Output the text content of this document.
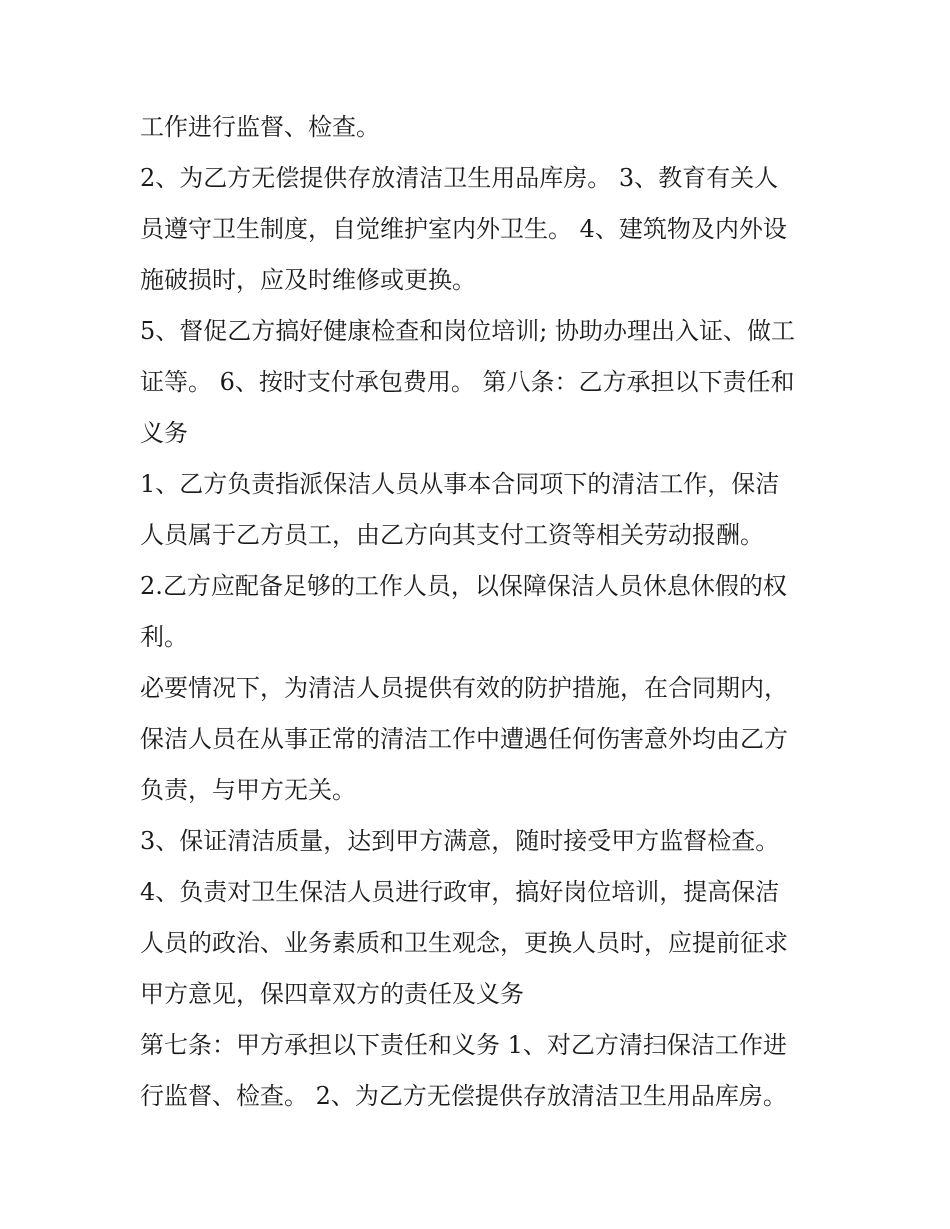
工作进行监督、检查。
2、为乙方无偿提供存放清洁卫生用品库房。 3、教育有关人
员遵守卫生制度，自觉维护室内外卫生。 4、建筑物及内外设
施破损时，应及时维修或更换。
5、督促乙方搞好健康检查和岗位培训; 协助办理出入证、做工
证等。 6、按时支付承包费用。 第八条：乙方承担以下责任和
义务
1、乙方负责指派保洁人员从事本合同项下的清洁工作，保洁
人员属于乙方员工，由乙方向其支付工资等相关劳动报酬。
2.乙方应配备足够的工作人员，以保障保洁人员休息休假的权
利。
必要情况下，为清洁人员提供有效的防护措施，在合同期内，
保洁人员在从事正常的清洁工作中遭遇任何伤害意外均由乙方
负责，与甲方无关。
3、保证清洁质量，达到甲方满意，随时接受甲方监督检查。
4、负责对卫生保洁人员进行政审，搞好岗位培训，提高保洁
人员的政治、业务素质和卫生观念，更换人员时，应提前征求
甲方意见，保四章双方的责任及义务
第七条：甲方承担以下责任和义务 1、对乙方清扫保洁工作进
行监督、检查。 2、为乙方无偿提供存放清洁卫生用品库房。
